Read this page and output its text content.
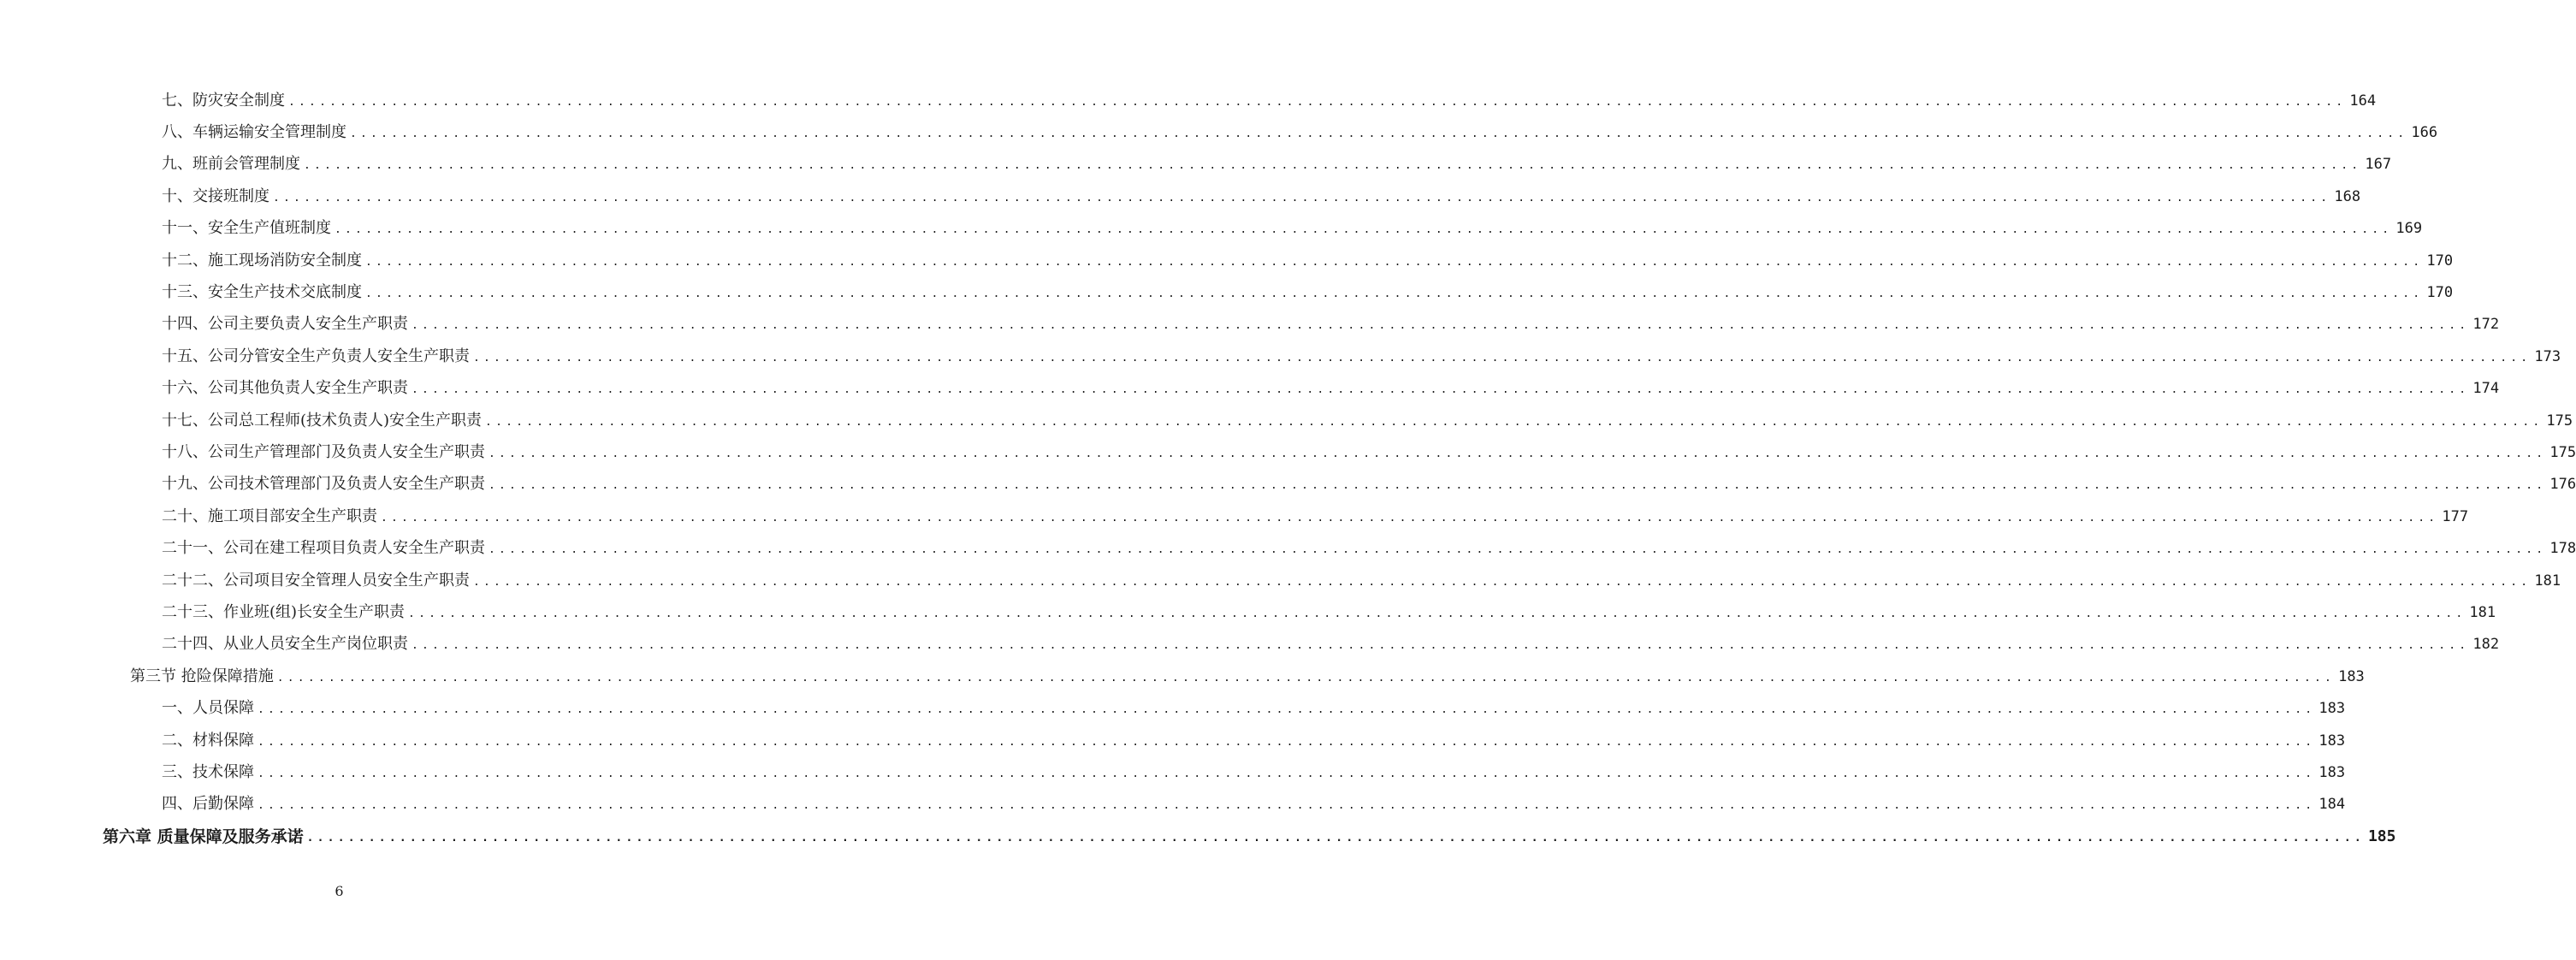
七、防灾安全制度 ........................................................................................................................................................................................................ 164
八、车辆运输安全管理制度 ........................................................................................................................................................................................................ 166
九、班前会管理制度 ........................................................................................................................................................................................................ 167
十、交接班制度 ........................................................................................................................................................................................................ 168
十一、安全生产值班制度 ........................................................................................................................................................................................................ 169
十二、施工现场消防安全制度 ........................................................................................................................................................................................................ 170
十三、安全生产技术交底制度 ........................................................................................................................................................................................................ 170
十四、公司主要负责人安全生产职责 ........................................................................................................................................................................................................ 172
十五、公司分管安全生产负责人安全生产职责 ........................................................................................................................................................................................................ 173
十六、公司其他负责人安全生产职责 ........................................................................................................................................................................................................ 174
十七、公司总工程师(技术负责人)安全生产职责 ........................................................................................................................................................................................................ 175
十八、公司生产管理部门及负责人安全生产职责 ........................................................................................................................................................................................................ 175
十九、公司技术管理部门及负责人安全生产职责 ........................................................................................................................................................................................................ 176
二十、施工项目部安全生产职责 ........................................................................................................................................................................................................ 177
二十一、公司在建工程项目负责人安全生产职责 ........................................................................................................................................................................................................ 178
二十二、公司项目安全管理人员安全生产职责 ........................................................................................................................................................................................................ 181
二十三、作业班(组)长安全生产职责 ........................................................................................................................................................................................................ 181
二十四、从业人员安全生产岗位职责 ........................................................................................................................................................................................................ 182
第三节 抢险保障措施 ........................................................................................................................................................................................................ 183
一、人员保障 ........................................................................................................................................................................................................ 183
二、材料保障 ........................................................................................................................................................................................................ 183
三、技术保障 ........................................................................................................................................................................................................ 183
四、后勤保障 ........................................................................................................................................................................................................ 184
第六章 质量保障及服务承诺 ........................................................................................................................................................................................................ 185
6
